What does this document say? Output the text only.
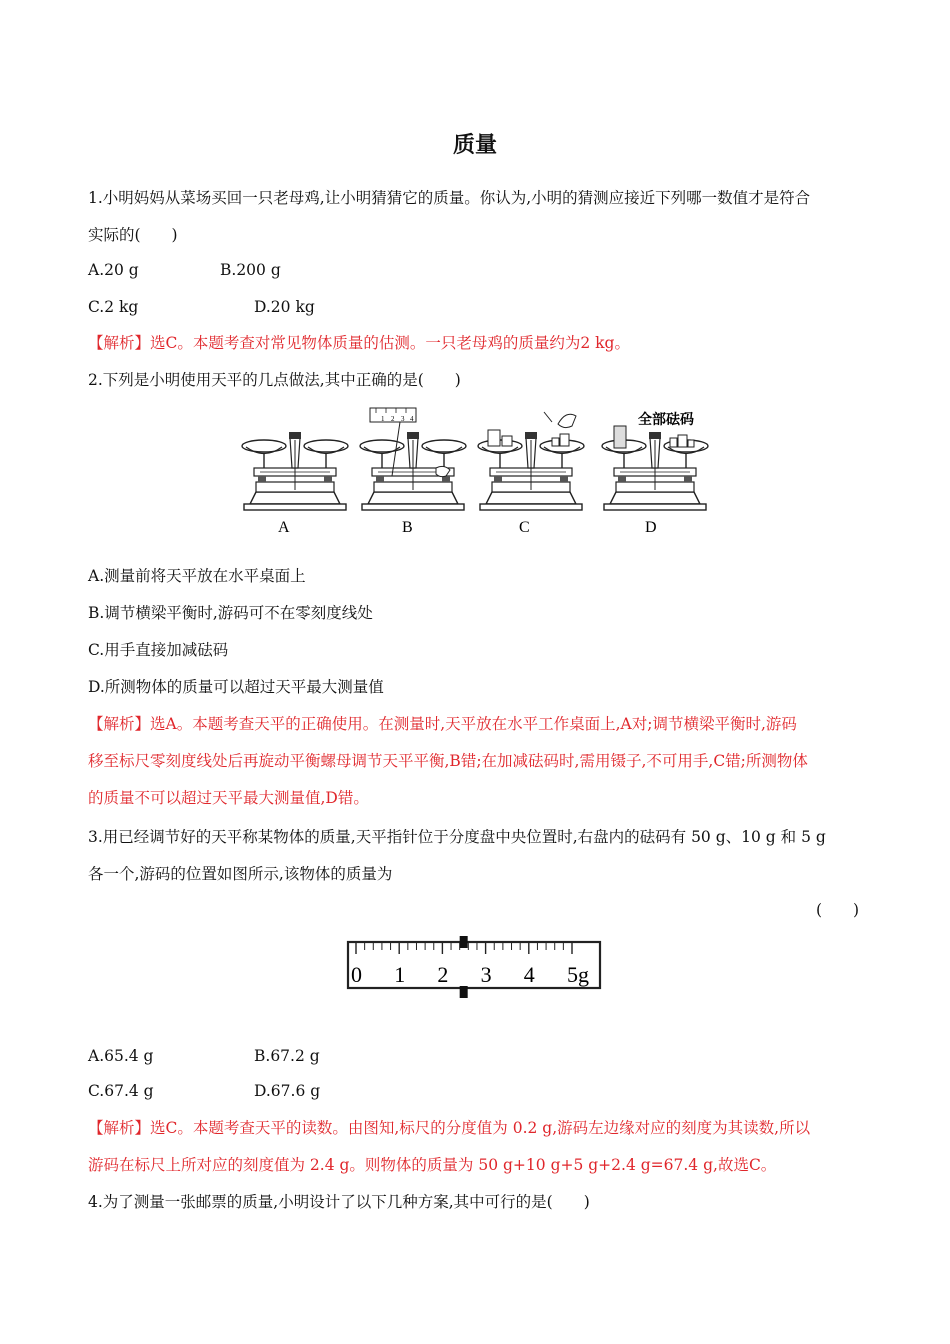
质量
1.小明妈妈从菜场买回一只老母鸡,让小明猜猜它的质量。你认为,小明的猜测应接近下列哪一数值才是符合
实际的(　　)
A.20 g	B.200 g
C.2 kg	D.20 kg
【解析】选C。本题考查对常见物体质量的估测。一只老母鸡的质量约为2 kg。
2.下列是小明使用天平的几点做法,其中正确的是(　　)
1 2 3 4	全部砝码
A	B	C	D
A.测量前将天平放在水平桌面上
B.调节横梁平衡时,游码可不在零刻度线处
C.用手直接加减砝码
D.所测物体的质量可以超过天平最大测量值
【解析】选A。本题考查天平的正确使用。在测量时,天平放在水平工作桌面上,A对;调节横梁平衡时,游码
移至标尺零刻度线处后再旋动平衡螺母调节天平平衡,B错;在加减砝码时,需用镊子,不可用手,C错;所测物体
的质量不可以超过天平最大测量值,D错。
3.用已经调节好的天平称某物体的质量,天平指针位于分度盘中央位置时,右盘内的砝码有 50 g、10 g 和 5 g
各一个,游码的位置如图所示,该物体的质量为
(　　)
0 1 2 3 4 5g
A.65.4 g	B.67.2 g
C.67.4 g	D.67.6 g
【解析】选C。本题考查天平的读数。由图知,标尺的分度值为 0.2 g,游码左边缘对应的刻度为其读数,所以
游码在标尺上所对应的刻度值为 2.4 g。则物体的质量为 50 g+10 g+5 g+2.4 g=67.4 g,故选C。
4.为了测量一张邮票的质量,小明设计了以下几种方案,其中可行的是(　　)
